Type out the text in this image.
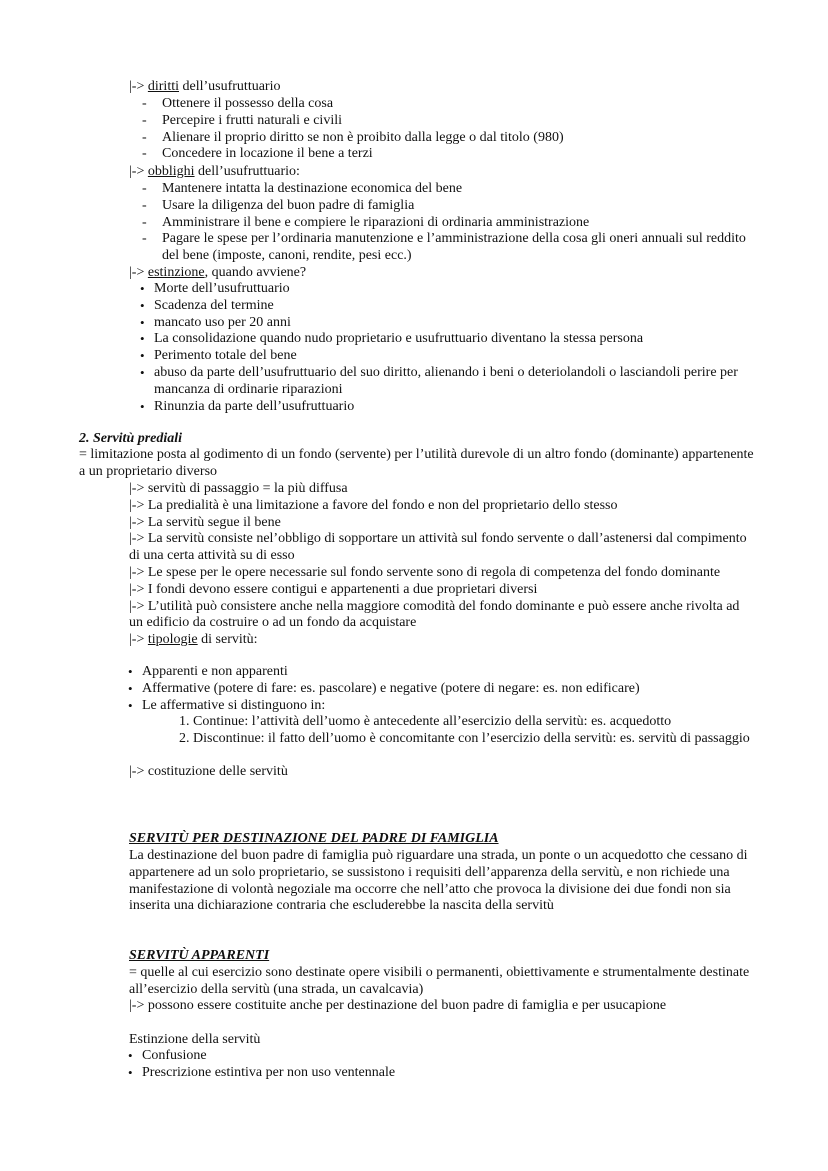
|-> diritti dell’usufruttuario
- Ottenere il possesso della cosa
- Percepire i frutti naturali e civili
- Alienare il proprio diritto se non è proibito dalla legge o dal titolo (980)
- Concedere in locazione il bene a terzi
|-> obblighi dell’usufruttuario:
- Mantenere intatta la destinazione economica del bene
- Usare la diligenza del buon padre di famiglia
- Amministrare il bene e compiere le riparazioni di ordinaria amministrazione
- Pagare le spese per l’ordinaria manutenzione e l’amministrazione della cosa gli oneri annuali sul reddito del bene (imposte, canoni, rendite, pesi ecc.)
|-> estinzione, quando avviene?
• Morte dell’usufruttuario
• Scadenza del termine
• mancato uso per 20 anni
• La consolidazione quando nudo proprietario e usufruttuario diventano la stessa persona
• Perimento totale del bene
• abuso da parte dell’usufruttuario del suo diritto, alienando i beni o deteriolandoli o lasciandoli perire per mancanza di ordinarie riparazioni
• Rinunzia da parte dell’usufruttuario
2. Servitù prediali
= limitazione posta al godimento di un fondo (servente) per l’utilità durevole di un altro fondo (dominante) appartenente a un proprietario diverso
|-> servitù di passaggio = la più diffusa
|-> La predialità è una limitazione a favore del fondo e non del proprietario dello stesso
|-> La servitù segue il bene
|-> La servitù consiste nel’obbligo di sopportare un attività sul fondo servente o dall’astenersi dal compimento di una certa attività su di esso
|-> Le spese per le opere necessarie sul fondo servente sono di regola di competenza del fondo dominante
|-> I fondi devono essere contigui e appartenenti a due proprietari diversi
|-> L’utilità può consistere anche nella maggiore comodità del fondo dominante e può essere anche rivolta ad un edificio da costruire o ad un fondo da acquistare
|-> tipologie di servitù:
• Apparenti e non apparenti
• Affermative (potere di fare: es. pascolare) e negative (potere di negare: es. non edificare)
• Le affermative si distinguono in:
1. Continue: l’attività dell’uomo è antecedente all’esercizio della servitù: es. acquedotto
2. Discontinue: il fatto dell’uomo è concomitante con l’esercizio della servitù: es. servitù di passaggio
|-> costituzione delle servitù
SERVITÙ PER DESTINAZIONE DEL PADRE DI FAMIGLIA
La destinazione del buon padre di famiglia può riguardare una strada, un ponte o un acquedotto che cessano di appartenere ad un solo proprietario, se sussistono i requisiti dell’apparenza della servitù, e non richiede una manifestazione di volontà negoziale ma occorre che nell’atto che provoca la divisione dei due fondi non sia inserita una dichiarazione contraria che escluderebbe la nascita della servitù
SERVITÙ APPARENTI
= quelle al cui esercizio sono destinate opere visibili o permanenti, obiettivamente e strumentalmente destinate all’esercizio della servitù (una strada, un cavalcavia)
|-> possono essere costituite anche per destinazione del buon padre di famiglia e per usucapione
Estinzione della servitù
• Confusione
• Prescrizione estintiva per non uso ventennale
